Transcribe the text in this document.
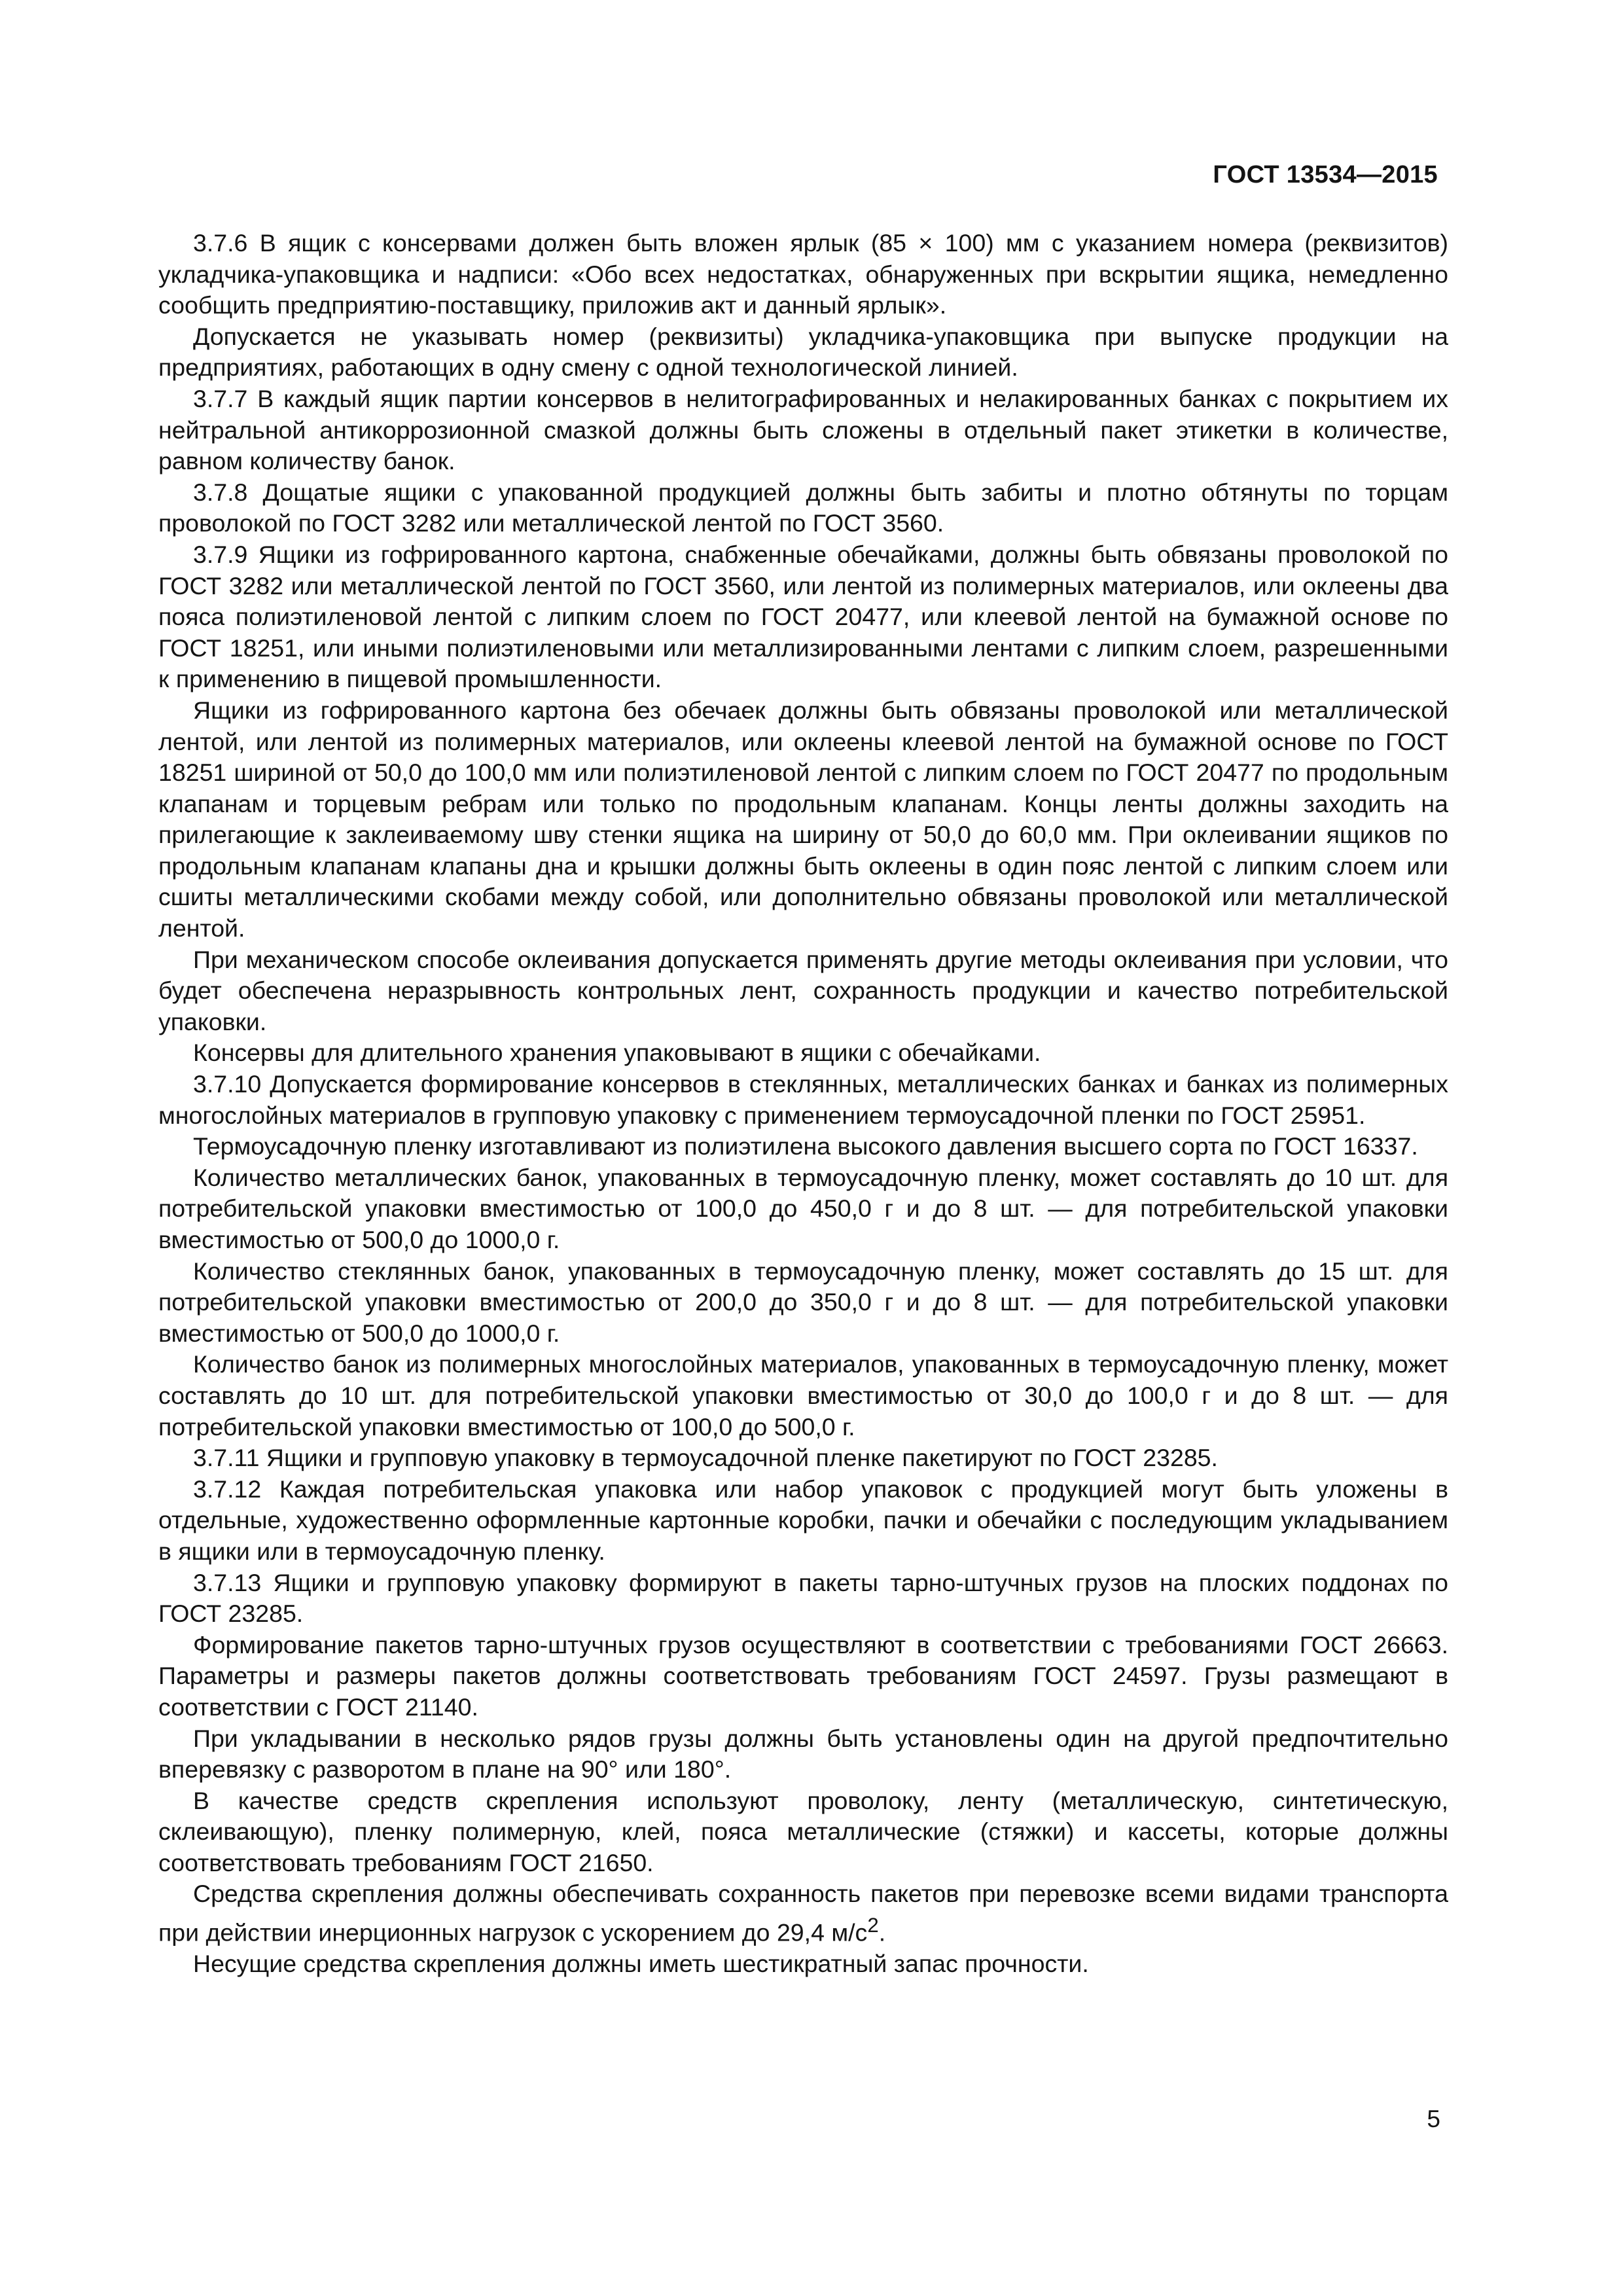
ГОСТ 13534—2015

3.7.6 В ящик с консервами должен быть вложен ярлык (85 × 100) мм с указанием номера (реквизитов) укладчика-упаковщика и надписи: «Обо всех недостатках, обнаруженных при вскрытии ящика, немедленно сообщить предприятию-поставщику, приложив акт и данный ярлык».

Допускается не указывать номер (реквизиты) укладчика-упаковщика при выпуске продукции на предприятиях, работающих в одну смену с одной технологической линией.

3.7.7 В каждый ящик партии консервов в нелитографированных и нелакированных банках с покрытием их нейтральной антикоррозионной смазкой должны быть сложены в отдельный пакет этикетки в количестве, равном количеству банок.

3.7.8 Дощатые ящики с упакованной продукцией должны быть забиты и плотно обтянуты по торцам проволокой по ГОСТ 3282 или металлической лентой по ГОСТ 3560.

3.7.9 Ящики из гофрированного картона, снабженные обечайками, должны быть обвязаны проволокой по ГОСТ 3282 или металлической лентой по ГОСТ 3560, или лентой из полимерных материалов, или оклеены два пояса полиэтиленовой лентой с липким слоем по ГОСТ 20477, или клеевой лентой на бумажной основе по ГОСТ 18251, или иными полиэтиленовыми или металлизированными лентами с липким слоем, разрешенными к применению в пищевой промышленности.

Ящики из гофрированного картона без обечаек должны быть обвязаны проволокой или металлической лентой, или лентой из полимерных материалов, или оклеены клеевой лентой на бумажной основе по ГОСТ 18251 шириной от 50,0 до 100,0 мм или полиэтиленовой лентой с липким слоем по ГОСТ 20477 по продольным клапанам и торцевым ребрам или только по продольным клапанам. Концы ленты должны заходить на прилегающие к заклеиваемому шву стенки ящика на ширину от 50,0 до 60,0 мм. При оклеивании ящиков по продольным клапанам клапаны дна и крышки должны быть оклеены в один пояс лентой с липким слоем или сшиты металлическими скобами между собой, или дополнительно обвязаны проволокой или металлической лентой.

При механическом способе оклеивания допускается применять другие методы оклеивания при условии, что будет обеспечена неразрывность контрольных лент, сохранность продукции и качество потребительской упаковки.

Консервы для длительного хранения упаковывают в ящики с обечайками.

3.7.10 Допускается формирование консервов в стеклянных, металлических банках и банках из полимерных многослойных материалов в групповую упаковку с применением термоусадочной пленки по ГОСТ 25951.

Термоусадочную пленку изготавливают из полиэтилена высокого давления высшего сорта по ГОСТ 16337.

Количество металлических банок, упакованных в термоусадочную пленку, может составлять до 10 шт. для потребительской упаковки вместимостью от 100,0 до 450,0 г и до 8 шт. — для потребительской упаковки вместимостью от 500,0 до 1000,0 г.

Количество стеклянных банок, упакованных в термоусадочную пленку, может составлять до 15 шт. для потребительской упаковки вместимостью от 200,0 до 350,0 г и до 8 шт. — для потребительской упаковки вместимостью от 500,0 до 1000,0 г.

Количество банок из полимерных многослойных материалов, упакованных в термоусадочную пленку, может составлять до 10 шт. для потребительской упаковки вместимостью от 30,0 до 100,0 г и до 8 шт. — для потребительской упаковки вместимостью от 100,0 до 500,0 г.

3.7.11 Ящики и групповую упаковку в термоусадочной пленке пакетируют по ГОСТ 23285.

3.7.12 Каждая потребительская упаковка или набор упаковок с продукцией могут быть уложены в отдельные, художественно оформленные картонные коробки, пачки и обечайки с последующим укладыванием в ящики или в термоусадочную пленку.

3.7.13 Ящики и групповую упаковку формируют в пакеты тарно-штучных грузов на плоских поддонах по ГОСТ 23285.

Формирование пакетов тарно-штучных грузов осуществляют в соответствии с требованиями ГОСТ 26663. Параметры и размеры пакетов должны соответствовать требованиям ГОСТ 24597. Грузы размещают в соответствии с ГОСТ 21140.

При укладывании в несколько рядов грузы должны быть установлены один на другой предпочтительно вперевязку с разворотом в плане на 90° или 180°.

В качестве средств скрепления используют проволоку, ленту (металлическую, синтетическую, склеивающую), пленку полимерную, клей, пояса металлические (стяжки) и кассеты, которые должны соответствовать требованиям ГОСТ 21650.

Средства скрепления должны обеспечивать сохранность пакетов при перевозке всеми видами транспорта при действии инерционных нагрузок с ускорением до 29,4 $м/с^2$.

Несущие средства скрепления должны иметь шестикратный запас прочности.

5
